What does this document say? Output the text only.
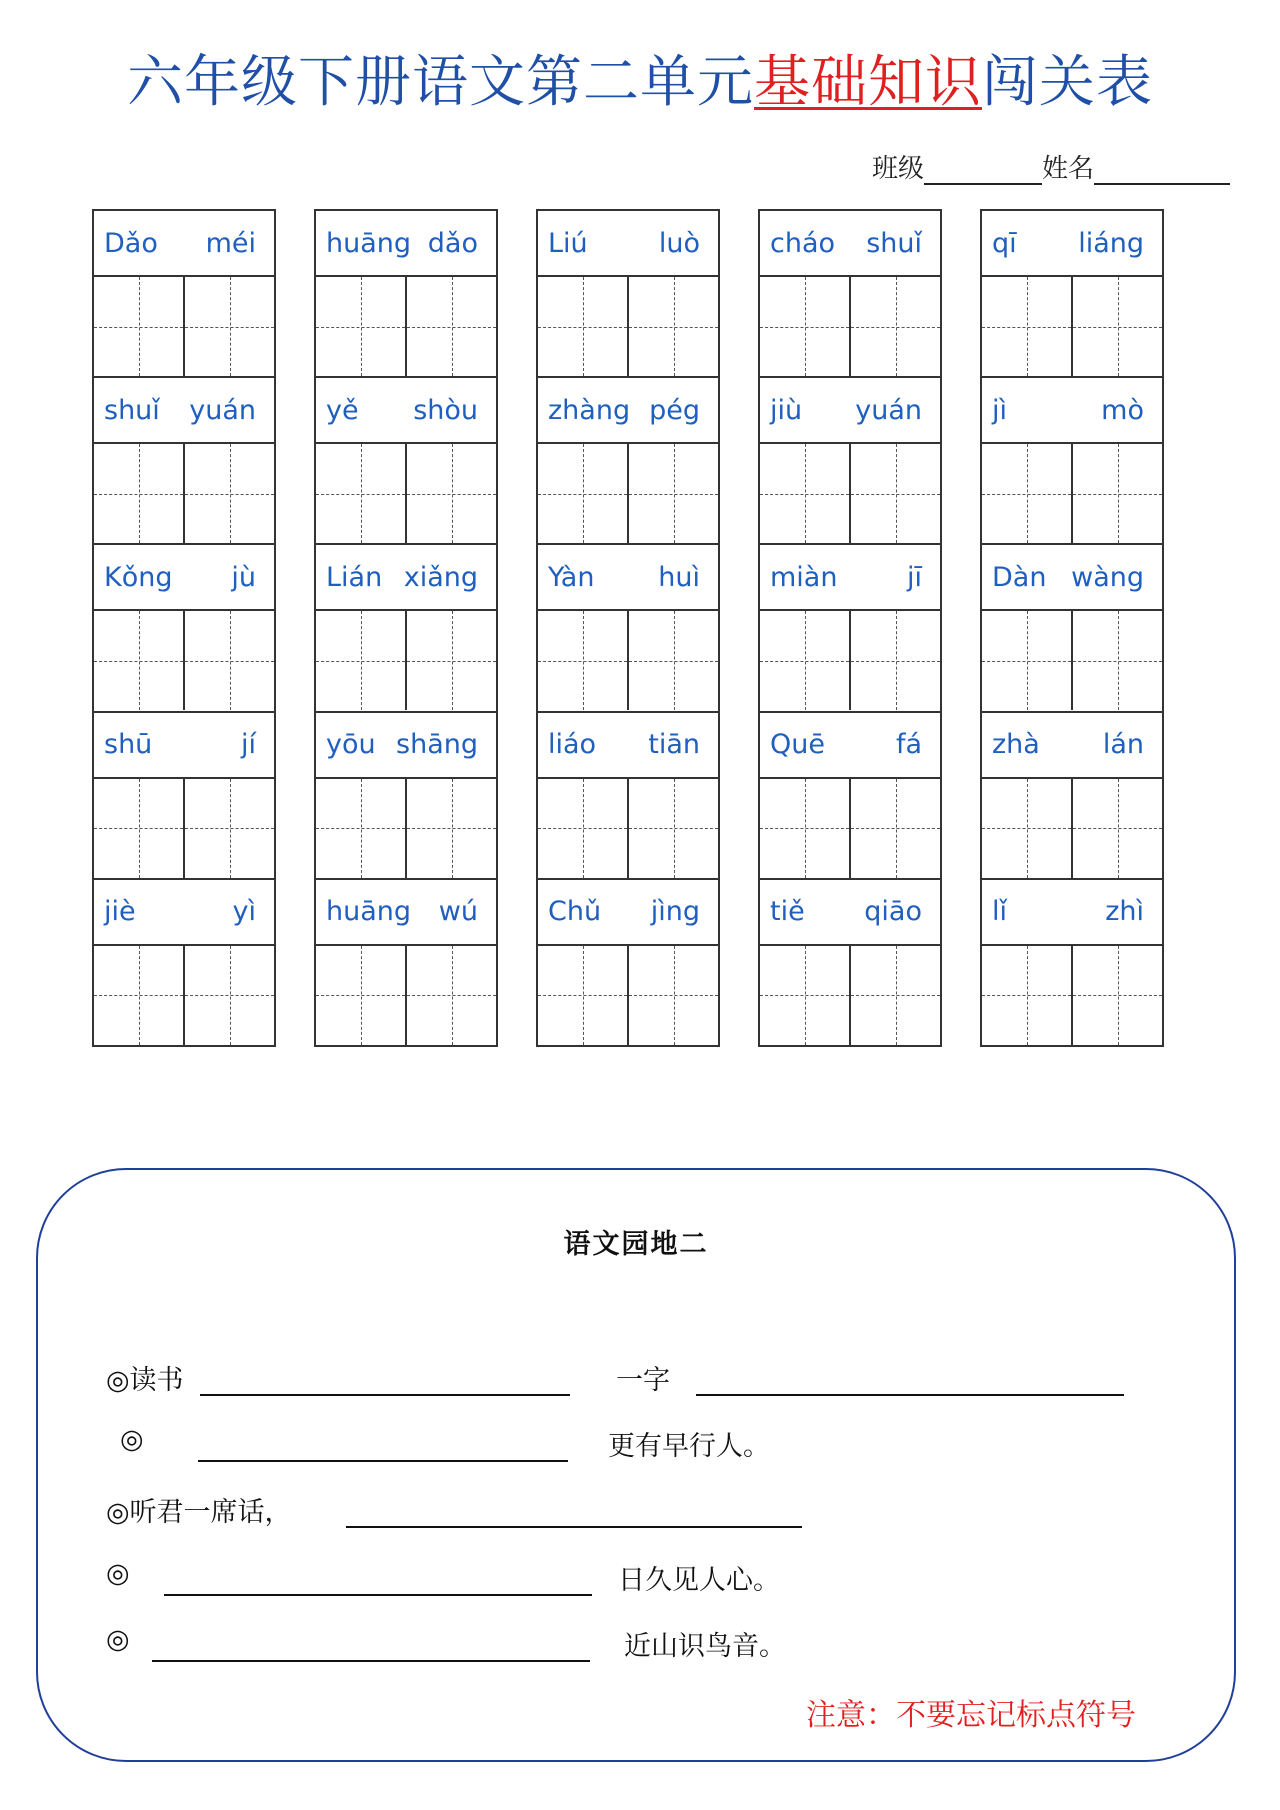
六年级下册语文第二单元基础知识闯关表
班级	姓名
Dǎo méi
shuǐ yuán
Kǒng jù
shū	jí
jiè	yì
huāng dǎo
yě shòu
Lián xiǎng
yōu shāng
huāng wú
Liú	luò
zhàng pég
Yàn huì
liáo tiān
Chǔ jìng
cháo shuǐ
jiù yuán
miàn	jī
Quē	fá
tiě qiāo
qī liáng
jì	mò
Dàn wàng
zhà lán
lǐ	zhì
语文园地二
◎读书	一字
◎	更有早行人。
◎听君一席话，
◎	日久见人心。
◎	近山识鸟音。
注意：不要忘记标点符号
